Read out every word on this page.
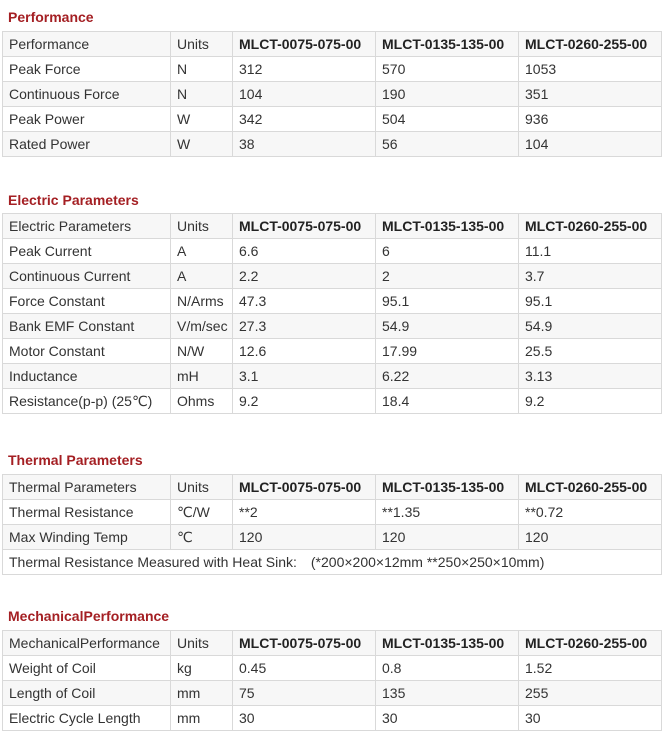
Performance
Performance	Units	MLCT-0075-075-00	MLCT-0135-135-00	MLCT-0260-255-00
Peak Force	N	312	570	1053
Continuous Force	N	104	190	351
Peak Power	W	342	504	936
Rated Power	W	38	56	104
Electric Parameters
Electric Parameters	Units	MLCT-0075-075-00	MLCT-0135-135-00	MLCT-0260-255-00
Peak Current	A	6.6	6	11.1
Continuous Current	A	2.2	2	3.7
Force Constant	N/Arms	47.3	95.1	95.1
Bank EMF Constant	V/m/sec	27.3	54.9	54.9
Motor Constant	N/W	12.6	17.99	25.5
Inductance	mH	3.1	6.22	3.13
Resistance(p-p) (25℃)	Ohms	9.2	18.4	9.2
Thermal Parameters
Thermal Parameters	Units	MLCT-0075-075-00	MLCT-0135-135-00	MLCT-0260-255-00
Thermal Resistance	℃/W	**2	**1.35	**0.72
Max Winding Temp	℃	120	120	120
Thermal Resistance Measured with Heat Sink:　(*200×200×12mm **250×250×10mm)				
MechanicalPerformance
MechanicalPerformance	Units	MLCT-0075-075-00	MLCT-0135-135-00	MLCT-0260-255-00
Weight of Coil	kg	0.45	0.8	1.52
Length of Coil	mm	75	135	255
Electric Cycle Length	mm	30	30	30
